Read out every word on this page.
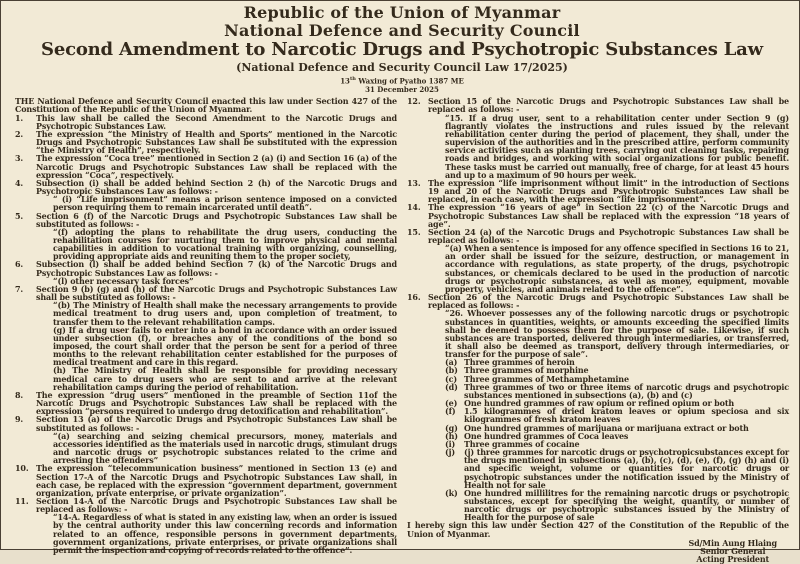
Republic of the Union of Myanmar
National Defence and Security Council
Second Amendment to Narcotic Drugs and Psychotropic Substances Law
(National Defence and Security Council Law 17/2025)
13th Waxing of Pyatho 1387 ME
31 December 2025

THE National Defence and Security Council enacted this law under Section 427 of the Constitution of the Republic of the Union of Myanmar.

1.	This law shall be called the Second Amendment to the Narcotic Drugs and Psychotropic Substances Law.

2.	The expression “the Ministry of Health and Sports” mentioned in the Narcotic Drugs and Psychotropic Substances Law shall be substituted with the expression “the Ministry of Health”, respectively.

3.	The expression “Coca tree” mentioned in Section 2 (a) (i) and Section 16 (a) of the Narcotic Drugs and Psychotropic Substances Law shall be replaced with the expression “Coca”, respectively.

4.	Subsection (i) shall be added behind Section 2 (h) of the Narcotic Drugs and Psychotropic Substances Law as follows: -

“ (i) “Life imprisonment” means a prison sentence imposed on a convicted person requiring them to remain incarcerated until death”.

5.	Section 6 (f) of the Narcotic Drugs and Psychotropic Substances Law shall be substituted as follows: -

“(f) adopting the plans to rehabilitate the drug users, conducting the rehabilitation courses for nurturing them to improve physical and mental capabilities in addition to vocational training with organizing, counselling, providing appropriate aids and reuniting them to the proper society,

6.	Subsection (l) shall be added behind Section 7 (k) of the Narcotic Drugs and Psychotropic Substances Law as follows: -

“(l) other necessary task forces”

7.	Section 9 (b) (g) and (h) of the Narcotic Drugs and Psychotropic Substances Law shall be substituted as follows: -

“(b) The Ministry of Health shall make the necessary arrangements to provide medical treatment to drug users and, upon completion of treatment, to transfer them to the relevant rehabilitation camps.

(g) If a drug user fails to enter into a bond in accordance with an order issued under subsection (f), or breaches any of the conditions of the bond so imposed, the court shall order that the person be sent for a period of three months to the relevant rehabilitation center established for the purposes of medical treatment and care in this regard.

(h) The Ministry of Health shall be responsible for providing necessary medical care to drug users who are sent to and arrive at the relevant rehabilitation camps during the period of rehabilitation.

8.	The expression “drug users” mentioned in the preamble of Section 11of the Narcotic Drugs and Psychotropic Substances Law shall be replaced with the expression “persons required to undergo drug detoxification and rehabilitation”.

9.	Section 13 (a) of the Narcotic Drugs and Psychotropic Substances Law shall be substituted as follows: -

“(a) searching and seizing chemical precursors, money, materials and accessories identified as the materials used in narcotic drugs, stimulant drugs and narcotic drugs or psychotropic substances related to the crime and arresting the offenders”

10. The expression “telecommunication business” mentioned in Section 13 (e) and Section 17-A of the Narcotic Drugs and Psychotropic Substances Law shall, in each case, be replaced with the expression “government department, government organization, private enterprise, or private organization”.

11. Section 14-A of the Narcotic Drugs and Psychotropic Substances Law shall be replaced as follows: -

“14-A. Regardless of what is stated in any existing law, when an order is issued by the central authority under this law concerning records and information related to an offence, responsible persons in government departments, government organizations, private enterprises, or private organizations shall permit the inspection and copying of records related to the offence”.

12. Section 15 of the Narcotic Drugs and Psychotropic Substances Law shall be replaced as follows: -

“15. If a drug user, sent to a rehabilitation center under Section 9 (g) flagrantly violates the instructions and rules issued by the relevant rehabilitation center during the period of placement, they shall, under the supervision of the authorities and in the prescribed attire, perform community service activities such as planting trees, carrying out cleaning tasks, repairing roads and bridges, and working with social organizations for public benefit. These tasks must be carried out manually, free of charge, for at least 45 hours and up to a maximum of 90 hours per week.

13. The expression “life imprisonment without limit” in the introduction of Sections 19 and 20 of the Narcotic Drugs and Psychotropic Substances Law shall be replaced, in each case, with the expression “life imprisonment”.

14. The expression “16 years of age” in Section 22 (c) of the Narcotic Drugs and Psychotropic Substances Law shall be replaced with the expression “18 years of age”.

15. Section 24 (a) of the Narcotic Drugs and Psychotropic Substances Law shall be replaced as follows: -

“(a) When a sentence is imposed for any offence specified in Sections 16 to 21, an order shall be issued for the seizure, destruction, or management in accordance with regulations, as state property, of the drugs, psychotropic substances, or chemicals declared to be used in the production of narcotic drugs or psychotropic substances, as well as money, equipment, movable property, vehicles, and animals related to the offence”.

16. Section 26 of the Narcotic Drugs and Psychotropic Substances Law shall be replaced as follows: -

“26. Whoever possesses any of the following narcotic drugs or psychotropic substances in quantities, weights, or amounts exceeding the specified limits shall be deemed to possess them for the purpose of sale. Likewise, if such substances are transported, delivered through intermediaries, or transferred, it shall also be deemed as transport, delivery through intermediaries, or transfer for the purpose of sale”.

(a) Three grammes of heroin
(b) Three grammes of morphine
(c) Three grammes of Methamphetamine
(d) Three grammes of two or three items of narcotic drugs and psychotropic substances mentioned in subsections (a), (b) and (c)
(e) One hundred grammes of raw opium or refined opium or both
(f)	1.5 kilogrammes of dried kratom leaves or opium speciosa and six kilogrammes of fresh kratom leaves
(g) One hundred grammes of marijuana or marijuana extract or both
(h) One hundred grammes of Coca leaves
(i)	Three grammes of cocaine
(j)	(j) three grammes for narcotic drugs or psychotropicsubstances except for the drugs mentioned in subsections (a), (b), (c), (d), (e), (f), (g) (h) and (i) and specific weight, volume or quantities for narcotic drugs or psychotropic substances under the notification issued by the Ministry of Health not for sale
(k) One hundred millilitres for the remaining narcotic drugs or psychotropic substances, except for specifying the weight, quantity, or number of narcotic drugs or psychotropic substances issued by the Ministry of Health for the purpose of sale

I hereby sign this law under Section 427 of the Constitution of the Republic of the Union of Myanmar.

Sd/Min Aung Hlaing

Senior General

Acting President
